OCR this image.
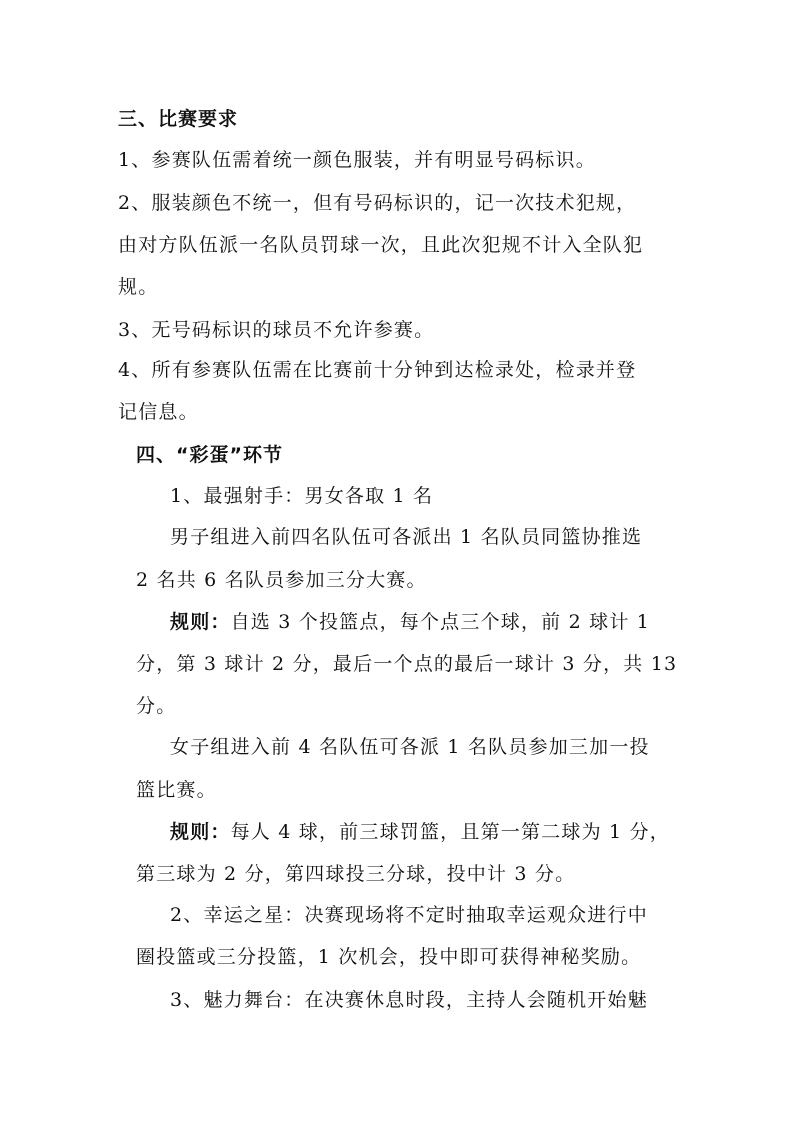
三、比赛要求
1、参赛队伍需着统一颜色服装，并有明显号码标识。
2、服装颜色不统一，但有号码标识的，记一次技术犯规，
由对方队伍派一名队员罚球一次，且此次犯规不计入全队犯
规。
3、无号码标识的球员不允许参赛。
4、所有参赛队伍需在比赛前十分钟到达检录处，检录并登
记信息。
四、“彩蛋”环节
1、最强射手：男女各取 1 名
男子组进入前四名队伍可各派出 1 名队员同篮协推选
2 名共 6 名队员参加三分大赛。
规则：自选 3 个投篮点，每个点三个球，前 2 球计 1
分，第 3 球计 2 分，最后一个点的最后一球计 3 分，共 13
分。
女子组进入前 4 名队伍可各派 1 名队员参加三加一投
篮比赛。
规则：每人 4 球，前三球罚篮，且第一第二球为 1 分，
第三球为 2 分，第四球投三分球，投中计 3 分。
2、幸运之星：决赛现场将不定时抽取幸运观众进行中
圈投篮或三分投篮，1 次机会，投中即可获得神秘奖励。
3、魅力舞台：在决赛休息时段，主持人会随机开始魅
